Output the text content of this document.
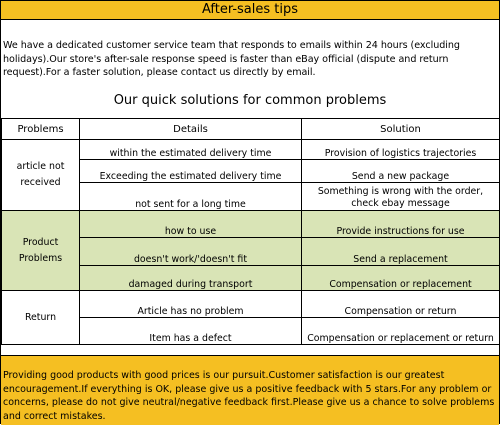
After-sales tips
We have a dedicated customer service team that responds to emails within 24 hours (excluding holidays).Our store's after-sale response speed is faster than eBay official (dispute and return request).For a faster solution, please contact us directly by email.
Our quick solutions for common problems
Problems	Details	Solution
article not received	within the estimated delivery time	Provision of logistics trajectories
	Exceeding the estimated delivery time	Send a new package
	not sent for a long time	Something is wrong with the order, check ebay message
Product Problems	how to use	Provide instructions for use
	doesn't work/'doesn't fit	Send a replacement
	damaged during transport	Compensation or replacement
Return	Article has no problem	Compensation or return
	Item has a defect	Compensation or replacement or return

Providing good products with good prices is our pursuit.Customer satisfaction is our greatest encouragement.If everything is OK, please give us a positive feedback with 5 stars.For any problem or concerns, please do not give neutral/negative feedback first.Please give us a chance to solve problems and correct mistakes.
